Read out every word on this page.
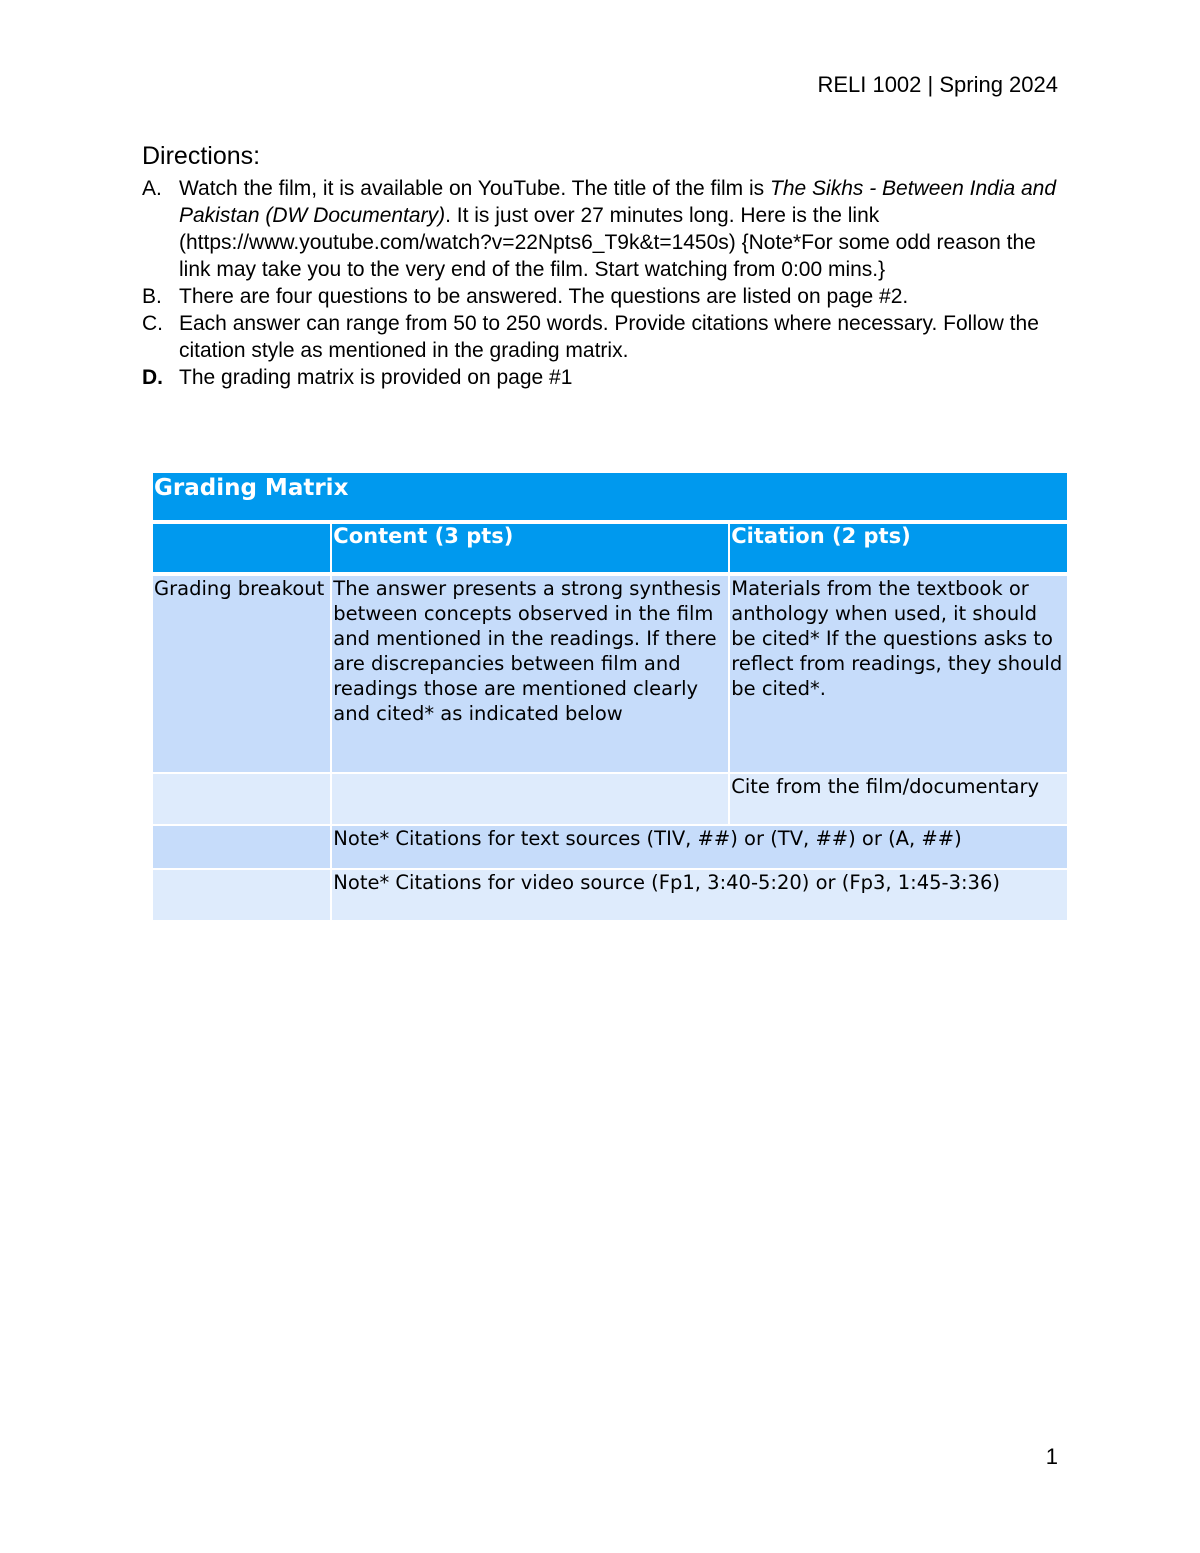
RELI 1002 | Spring 2024
Directions:
A. Watch the film, it is available on YouTube. The title of the film is The Sikhs - Between India and Pakistan (DW Documentary). It is just over 27 minutes long. Here is the link (https://www.youtube.com/watch?v=22Npts6_T9k&t=1450s) {Note*For some odd reason the link may take you to the very end of the film. Start watching from 0:00 mins.}
B. There are four questions to be answered. The questions are listed on page #2.
C. Each answer can range from 50 to 250 words. Provide citations where necessary. Follow the citation style as mentioned in the grading matrix.
D. The grading matrix is provided on page #1
Grading Matrix		
	Content (3 pts)	Citation (2 pts)
Grading breakout	The answer presents a strong synthesis between concepts observed in the film and mentioned in the readings. If there are discrepancies between film and readings those are mentioned clearly and cited* as indicated below	Materials from the textbook or anthology when used, it should be cited* If the questions asks to reflect from readings, they should be cited*.
		Cite from the film/documentary
	Note* Citations for text sources (TIV, ##) or (TV, ##) or (A, ##)	
	Note* Citations for video source (Fp1, 3:40-5:20) or (Fp3, 1:45-3:36)	
1
